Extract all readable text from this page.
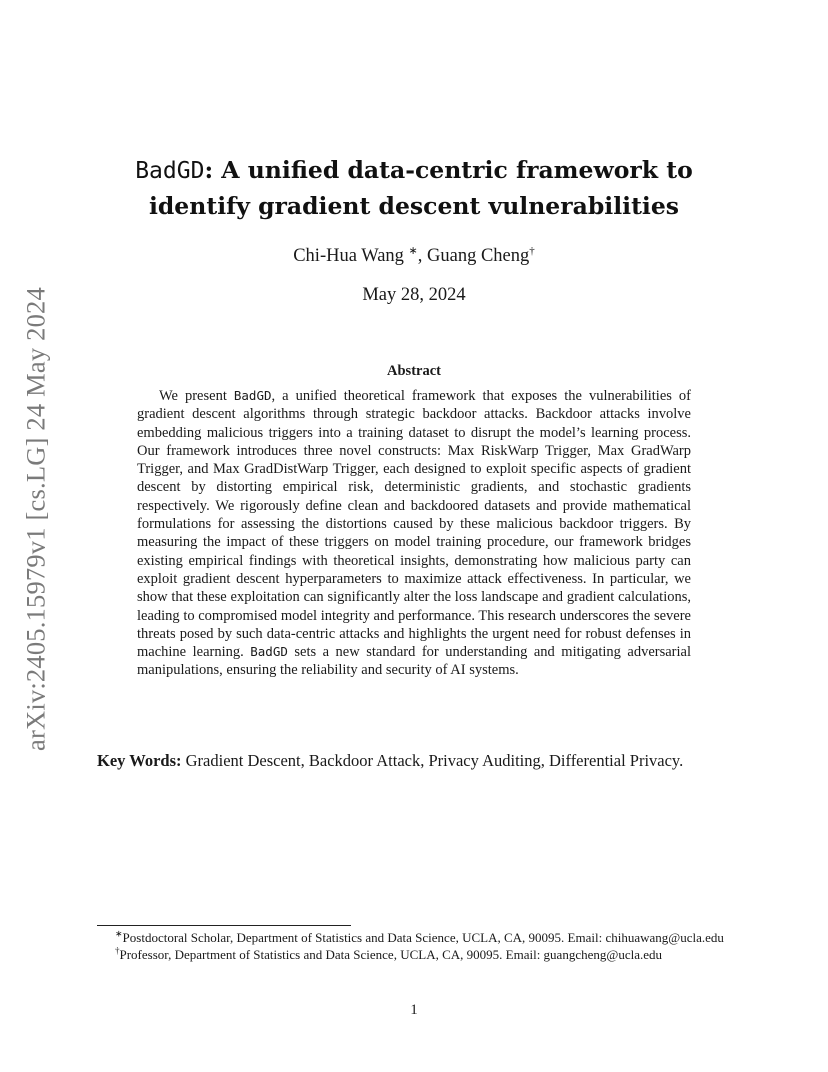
arXiv:2405.15979v1 [cs.LG] 24 May 2024
BadGD: A unified data-centric framework to
identify gradient descent vulnerabilities
Chi-Hua Wang ∗, Guang Cheng†
May 28, 2024
Abstract
We present BadGD, a unified theoretical framework that exposes the vulnerabilities of gradient descent algorithms through strategic backdoor attacks. Backdoor attacks involve embedding malicious triggers into a training dataset to disrupt the model’s learning process. Our framework introduces three novel constructs: Max RiskWarp Trigger, Max GradWarp Trigger, and Max GradDistWarp Trigger, each designed to exploit specific aspects of gradient descent by distorting empirical risk, deterministic gradients, and stochastic gradients respectively. We rigorously define clean and backdoored datasets and provide mathematical formulations for assessing the distortions caused by these malicious backdoor triggers. By measuring the impact of these triggers on model training procedure, our framework bridges existing empirical findings with theoretical insights, demonstrating how malicious party can exploit gradient descent hyperparameters to maximize attack effectiveness. In particular, we show that these exploitation can significantly alter the loss landscape and gradient calculations, leading to compromised model integrity and performance. This research underscores the severe threats posed by such data-centric attacks and highlights the urgent need for robust defenses in machine learning. BadGD sets a new standard for understanding and mitigating adversarial manipulations, ensuring the reliability and security of AI systems.
Key Words: Gradient Descent, Backdoor Attack, Privacy Auditing, Differential Privacy.
∗Postdoctoral Scholar, Department of Statistics and Data Science, UCLA, CA, 90095. Email: chihuawang@ucla.edu
†Professor, Department of Statistics and Data Science, UCLA, CA, 90095. Email: guangcheng@ucla.edu
1
